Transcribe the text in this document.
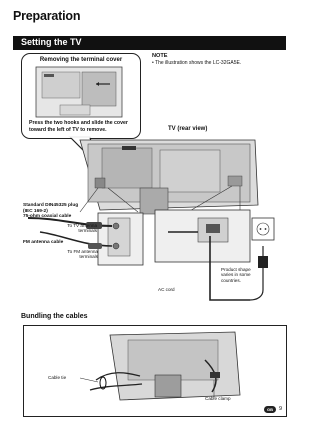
Preparation
Setting the TV
NOTE
• The illustration shows the LC-32GA5E.
Removing the terminal cover
Press the two hooks and slide the cover toward the left of TV to remove.	TV (rear view)
Standard DIN45325 plug
(IEC 169-2)
75-ohm coaxial cable
To TV antenna
terminals
FM antenna cable
To FM antenna
terminals
Product shape
varies in some
countries.
AC cord
Bundling the cables
Cable tie
Cable clamp
GB	9
